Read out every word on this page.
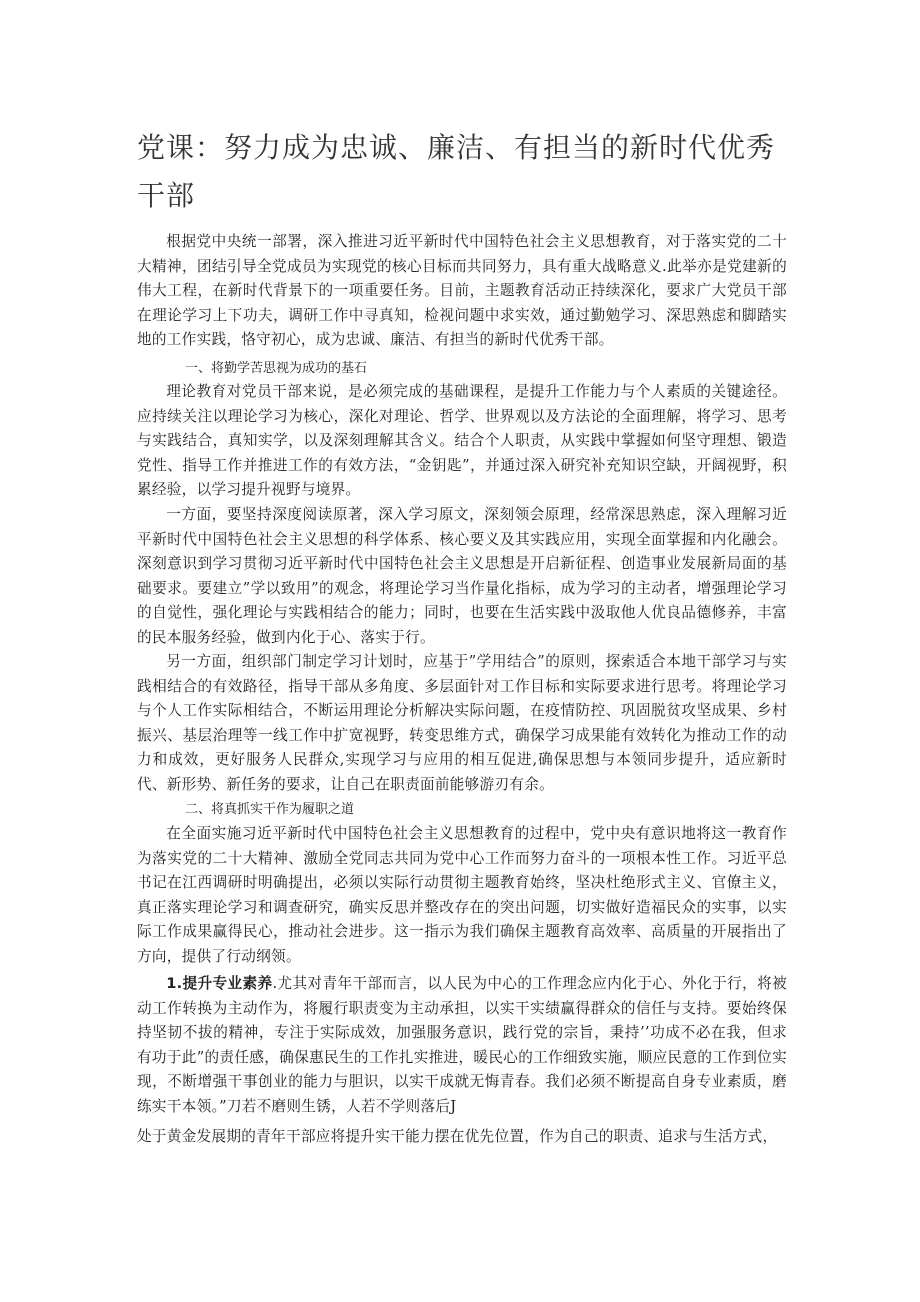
党课：努力成为忠诚、廉洁、有担当的新时代优秀干部

根据党中央统一部署，深入推进习近平新时代中国特色社会主义思想教育，对于落实党的二十大精神，团结引导全党成员为实现党的核心目标而共同努力，具有重大战略意义.此举亦是党建新的伟大工程，在新时代背景下的一项重要任务。目前，主题教育活动正持续深化，要求广大党员干部在理论学习上下功夫，调研工作中寻真知，检视问题中求实效，通过勤勉学习、深思熟虑和脚踏实地的工作实践，恪守初心，成为忠诚、廉洁、有担当的新时代优秀干部。

一、将勤学苦思视为成功的基石

理论教育对党员干部来说，是必须完成的基础课程，是提升工作能力与个人素质的关键途径。应持续关注以理论学习为核心，深化对理论、哲学、世界观以及方法论的全面理解，将学习、思考与实践结合，真知实学，以及深刻理解其含义。结合个人职责，从实践中掌握如何坚守理想、锻造党性、指导工作并推进工作的有效方法，“金钥匙”，并通过深入研究补充知识空缺，开阔视野，积累经验，以学习提升视野与境界。

一方面，要坚持深度阅读原著，深入学习原文，深刻领会原理，经常深思熟虑，深入理解习近平新时代中国特色社会主义思想的科学体系、核心要义及其实践应用，实现全面掌握和内化融会。深刻意识到学习贯彻习近平新时代中国特色社会主义思想是开启新征程、创造事业发展新局面的基础要求。要建立”学以致用”的观念，将理论学习当作量化指标，成为学习的主动者，增强理论学习的自觉性，强化理论与实践相结合的能力；同时，也要在生活实践中汲取他人优良品德修养，丰富的民本服务经验，做到内化于心、落实于行。

另一方面，组织部门制定学习计划时，应基于”学用结合”的原则，探索适合本地干部学习与实践相结合的有效路径，指导干部从多角度、多层面针对工作目标和实际要求进行思考。将理论学习与个人工作实际相结合，不断运用理论分析解决实际问题，在疫情防控、巩固脱贫攻坚成果、乡村振兴、基层治理等一线工作中扩宽视野，转变思维方式，确保学习成果能有效转化为推动工作的动力和成效，更好服务人民群众,实现学习与应用的相互促进,确保思想与本领同步提升，适应新时代、新形势、新任务的要求，让自己在职责面前能够游刃有余。

二、将真抓实干作为履职之道

在全面实施习近平新时代中国特色社会主义思想教育的过程中，党中央有意识地将这一教育作为落实党的二十大精神、激励全党同志共同为党中心工作而努力奋斗的一项根本性工作。习近平总书记在江西调研时明确提出，必须以实际行动贯彻主题教育始终，坚决杜绝形式主义、官僚主义，真正落实理论学习和调查研究，确实反思并整改存在的突出问题，切实做好造福民众的实事，以实际工作成果赢得民心，推动社会进步。这一指示为我们确保主题教育高效率、高质量的开展指出了方向，提供了行动纲领。

1.提升专业素养.尤其对青年干部而言，以人民为中心的工作理念应内化于心、外化于行，将被动工作转换为主动作为，将履行职责变为主动承担，以实干实绩赢得群众的信任与支持。要始终保持坚韧不拔的精神，专注于实际成效，加强服务意识，践行党的宗旨，秉持’’功成不必在我，但求有功于此”的责任感，确保惠民生的工作扎实推进，暖民心的工作细致实施，顺应民意的工作到位实现，不断增强干事创业的能力与胆识，以实干成就无悔青春。我们必须不断提高自身专业素质，磨练实干本领。”刀若不磨则生锈，人若不学则落后J

处于黄金发展期的青年干部应将提升实干能力摆在优先位置，作为自己的职责、追求与生活方式，
